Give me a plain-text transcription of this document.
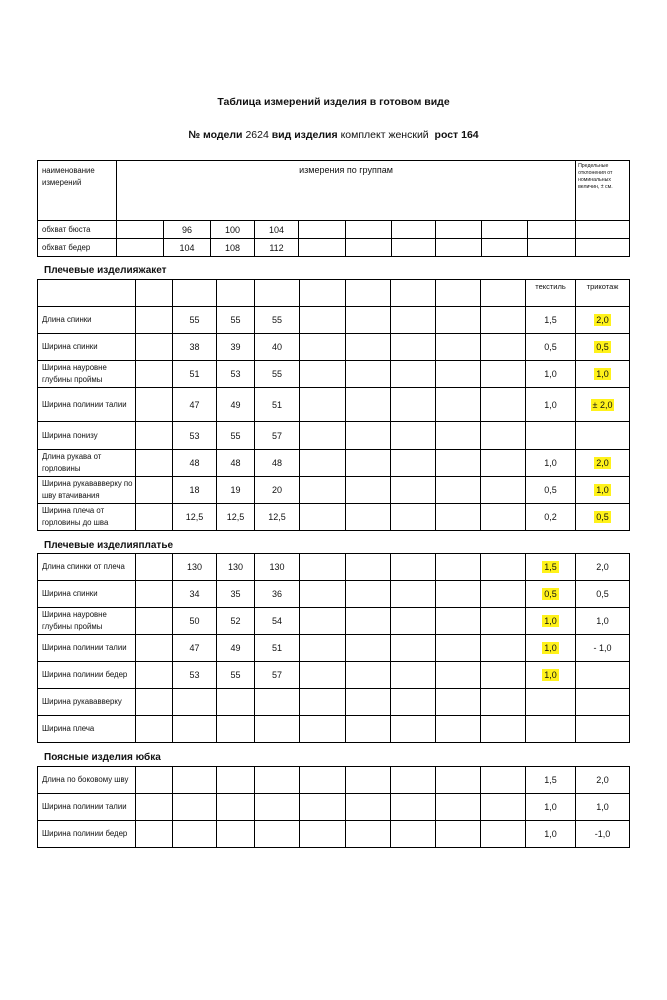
Таблица измерений изделия в готовом виде
№ модели 2624 вид изделия комплект женский рост 164
наименование измерений	измерения по группам										Предельные отклонения от номинальных величин, ± см.
обхват бюста		96	100	104							
обхват бедер		104	108	112							
Плечевые изделияжакет
										текстиль	трикотаж
Длина спинки		55	55	55						1,5	2,0
Ширина спинки		38	39	40						0,5	0,5
Ширина науровне глубины проймы		51	53	55						1,0	1,0
Ширина полинии талии		47	49	51						1,0	± 2,0
Ширина понизу		53	55	57							
Длина рукава от горловины		48	48	48						1,0	2,0
Ширина рукававверку по шву втачивания		18	19	20						0,5	1,0
Ширина плеча от горловины до шва		12,5	12,5	12,5						0,2	0,5
Плечевые изделияплатье
Длина спинки от плеча		130	130	130						1,5	2,0
Ширина спинки		34	35	36						0,5	0,5
Ширина науровне глубины проймы		50	52	54						1,0	1,0
Ширина полинии талии		47	49	51						1,0	- 1,0
Ширина полинии бедер		53	55	57						1,0	
Ширина рукававверку											
Ширина плеча											
Поясные изделия юбка
Длина по боковому шву										1,5	2,0
Ширина полинии талии										1,0	1,0
Ширина полинии бедер										1,0	-1,0
